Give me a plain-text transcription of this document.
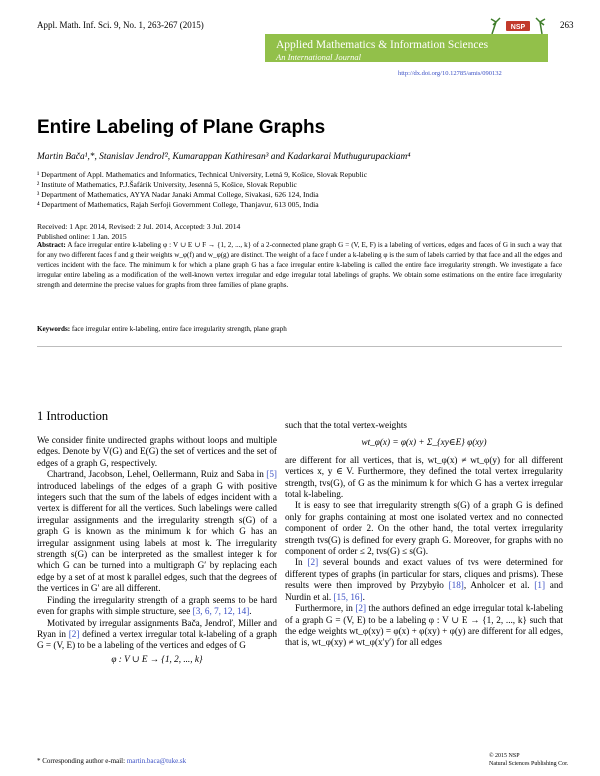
Appl. Math. Inf. Sci. 9, No. 1, 263-267 (2015)	NSP	263
Applied Mathematics & Information Sciences
An International Journal
http://dx.doi.org/10.12785/amis/090132
Entire Labeling of Plane Graphs
Martin Bača¹,*, Stanislav Jendroľ², Kumarappan Kathiresan³ and Kadarkarai Muthugurupackiam⁴
¹ Department of Appl. Mathematics and Informatics, Technical University, Letná 9, Košice, Slovak Republic
² Institute of Mathematics, P.J.Šafárik University, Jesenná 5, Košice, Slovak Republic
³ Department of Mathematics, AYYA Nadar Janaki Ammal College, Sivakasi, 626 124, India
⁴ Department of Mathematics, Rajah Serfoji Government College, Thanjavur, 613 005, India
Received: 1 Apr. 2014, Revised: 2 Jul. 2014, Accepted: 3 Jul. 2014
Published online: 1 Jan. 2015
Abstract: A face irregular entire k-labeling φ : V ∪ E ∪ F → {1, 2, ..., k} of a 2-connected plane graph G = (V, E, F) is a labeling of vertices, edges and faces of G in such a way that for any two different faces f and g their weights w_φ(f) and w_φ(g) are distinct. The weight of a face f under a k-labeling φ is the sum of labels carried by that face and all the edges and vertices incident with the face. The minimum k for which a plane graph G has a face irregular entire k-labeling is called the entire face irregularity strength. We investigate a face irregular entire labeling as a modification of the well-known vertex irregular and edge irregular total labelings of graphs. We obtain some estimations on the entire face irregularity strength and determine the precise values for graphs from three families of plane graphs.
Keywords: face irregular entire k-labeling, entire face irregularity strength, plane graph
1 Introduction

We consider finite undirected graphs without loops and multiple edges. Denote by V(G) and E(G) the set of vertices and the set of edges of a graph G, respectively.

Chartrand, Jacobson, Lehel, Oellermann, Ruiz and Saba in [5] introduced labelings of the edges of a graph G with positive integers such that the sum of the labels of edges incident with a vertex is different for all the vertices. Such labelings were called irregular assignments and the irregularity strength s(G) of a graph G is known as the minimum k for which G has an irregular assignment using labels at most k. The irregularity strength s(G) can be interpreted as the smallest integer k for which G can be turned into a multigraph G′ by replacing each edge by a set of at most k parallel edges, such that the degrees of the vertices in G′ are all different.

Finding the irregularity strength of a graph seems to be hard even for graphs with simple structure, see [3, 6, 7, 12, 14].

Motivated by irregular assignments Bača, Jendroľ, Miller and Ryan in [2] defined a vertex irregular total k-labeling of a graph G = (V, E) to be a labeling of the vertices and edges of G

φ : V ∪ E → {1, 2, ..., k}

such that the total vertex-weights

wt_φ(x) = φ(x) + Σ_{xy∈E} φ(xy)

are different for all vertices, that is, wt_φ(x) ≠ wt_φ(y) for all different vertices x, y ∈ V. Furthermore, they defined the total vertex irregularity strength, tvs(G), of G as the minimum k for which G has a vertex irregular total k-labeling.

It is easy to see that irregularity strength s(G) of a graph G is defined only for graphs containing at most one isolated vertex and no connected component of order 2. On the other hand, the total vertex irregularity strength tvs(G) is defined for every graph G. Moreover, for graphs with no component of order ≤ 2, tvs(G) ≤ s(G).

In [2] several bounds and exact values of tvs were determined for different types of graphs (in particular for stars, cliques and prisms). These results were then improved by Przybyło [18], Anholcer et al. [1] and Nurdin et al. [15, 16].

Furthermore, in [2] the authors defined an edge irregular total k-labeling of a graph G = (V, E) to be a labeling φ : V ∪ E → {1, 2, ..., k} such that the edge weights wt_φ(xy) = φ(x) + φ(xy) + φ(y) are different for all edges, that is, wt_φ(xy) ≠ wt_φ(x′y′) for all edges

* Corresponding author e-mail: martin.baca@tuke.sk
© 2015 NSP
Natural Sciences Publishing Cor.
